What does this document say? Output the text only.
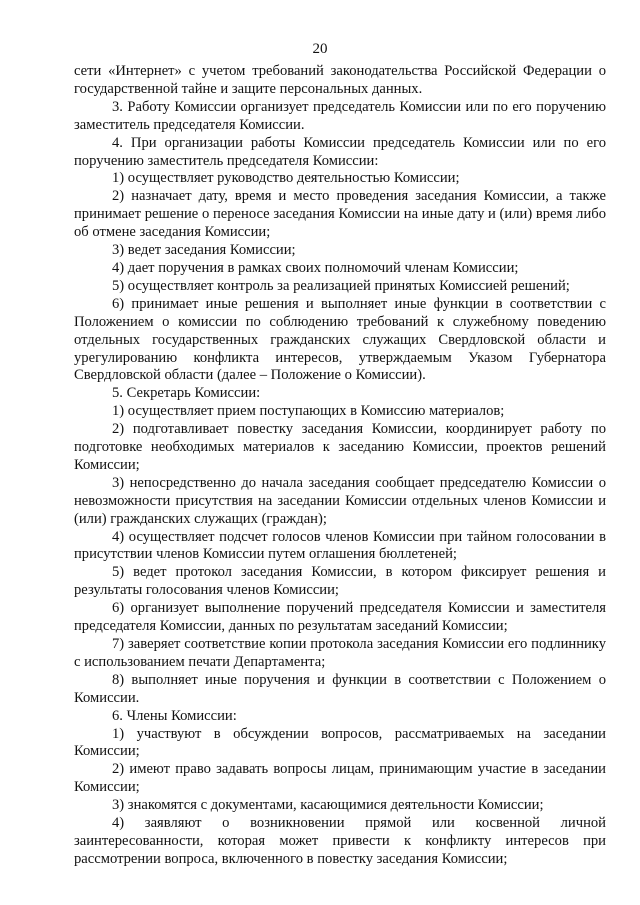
20

сети «Интернет» с учетом требований законодательства Российской Федерации о государственной тайне и защите персональных данных.

3. Работу Комиссии организует председатель Комиссии или по его поручению заместитель председателя Комиссии.

4. При организации работы Комиссии председатель Комиссии или по его поручению заместитель председателя Комиссии:

1) осуществляет руководство деятельностью Комиссии;

2) назначает дату, время и место проведения заседания Комиссии, а также принимает решение о переносе заседания Комиссии на иные дату и (или) время либо об отмене заседания Комиссии;

3) ведет заседания Комиссии;

4) дает поручения в рамках своих полномочий членам Комиссии;

5) осуществляет контроль за реализацией принятых Комиссией решений;

6) принимает иные решения и выполняет иные функции в соответствии с Положением о комиссии по соблюдению требований к служебному поведению отдельных государственных гражданских служащих Свердловской области и урегулированию конфликта интересов, утверждаемым Указом Губернатора Свердловской области (далее – Положение о Комиссии).

5. Секретарь Комиссии:

1) осуществляет прием поступающих в Комиссию материалов;

2) подготавливает повестку заседания Комиссии, координирует работу по подготовке необходимых материалов к заседанию Комиссии, проектов решений Комиссии;

3) непосредственно до начала заседания сообщает председателю Комиссии о невозможности присутствия на заседании Комиссии отдельных членов Комиссии и (или) гражданских служащих (граждан);

4) осуществляет подсчет голосов членов Комиссии при тайном голосовании в присутствии членов Комиссии путем оглашения бюллетеней;

5) ведет протокол заседания Комиссии, в котором фиксирует решения и результаты голосования членов Комиссии;

6) организует выполнение поручений председателя Комиссии и заместителя председателя Комиссии, данных по результатам заседаний Комиссии;

7) заверяет соответствие копии протокола заседания Комиссии его подлиннику с использованием печати Департамента;

8) выполняет иные поручения и функции в соответствии с Положением о Комиссии.

6. Члены Комиссии:

1) участвуют в обсуждении вопросов, рассматриваемых на заседании Комиссии;

2) имеют право задавать вопросы лицам, принимающим участие в заседании Комиссии;

3) знакомятся с документами, касающимися деятельности Комиссии;

4) заявляют о возникновении прямой или косвенной личной заинтересованности, которая может привести к конфликту интересов при рассмотрении вопроса, включенного в повестку заседания Комиссии;
